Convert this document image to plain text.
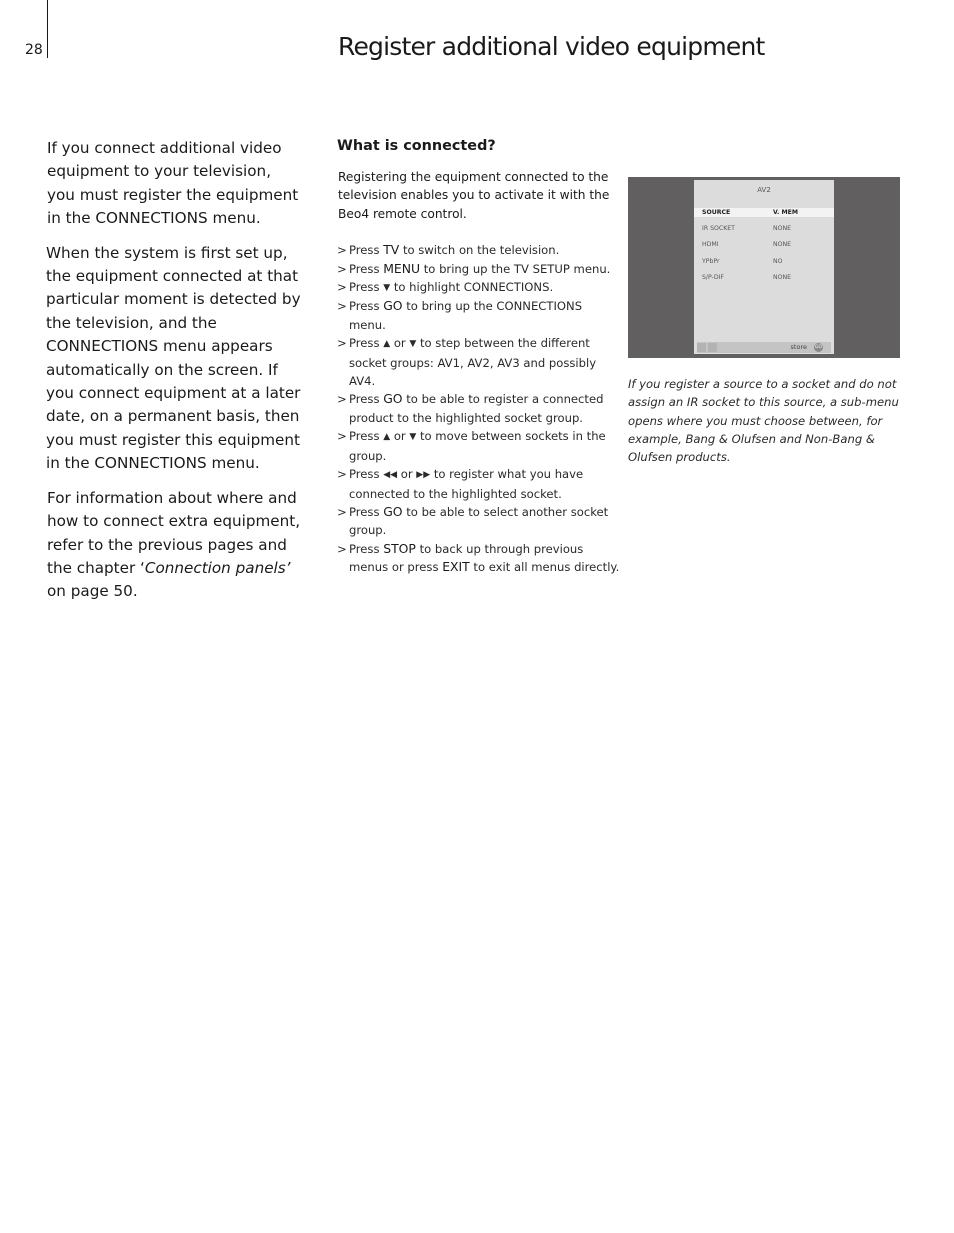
28	Register additional video equipment

If you connect additional video equipment to your television, you must register the equipment in the CONNECTIONS menu.

When the system is first set up, the equipment connected at that particular moment is detected by the television, and the CONNECTIONS menu appears automatically on the screen. If you connect equipment at a later date, on a permanent basis, then you must register this equipment in the CONNECTIONS menu.

For information about where and how to connect extra equipment, refer to the previous pages and the chapter ‘Connection panels’ on page 50.

What is connected?

Registering the equipment connected to the television enables you to activate it with the Beo4 remote control.

> Press TV to switch on the television.
> Press MENU to bring up the TV SETUP menu.
> Press ▼ to highlight CONNECTIONS.
> Press GO to bring up the CONNECTIONS menu.
> Press ▲ or ▼ to step between the different socket groups: AV1, AV2, AV3 and possibly AV4.
> Press GO to be able to register a connected product to the highlighted socket group.
> Press ▲ or ▼ to move between sockets in the group.
> Press ◀◀ or ▶▶ to register what you have connected to the highlighted socket.
> Press GO to be able to select another socket group.
> Press STOP to back up through previous menus or press EXIT to exit all menus directly.
AV2
SOURCE	V. MEM
IR SOCKET	NONE
HDMI	NONE
YPbPr	NO
S/P-DIF	NONE
store GO
If you register a source to a socket and do not assign an IR socket to this source, a sub-menu opens where you must choose between, for example, Bang & Olufsen and Non-Bang & Olufsen products.
